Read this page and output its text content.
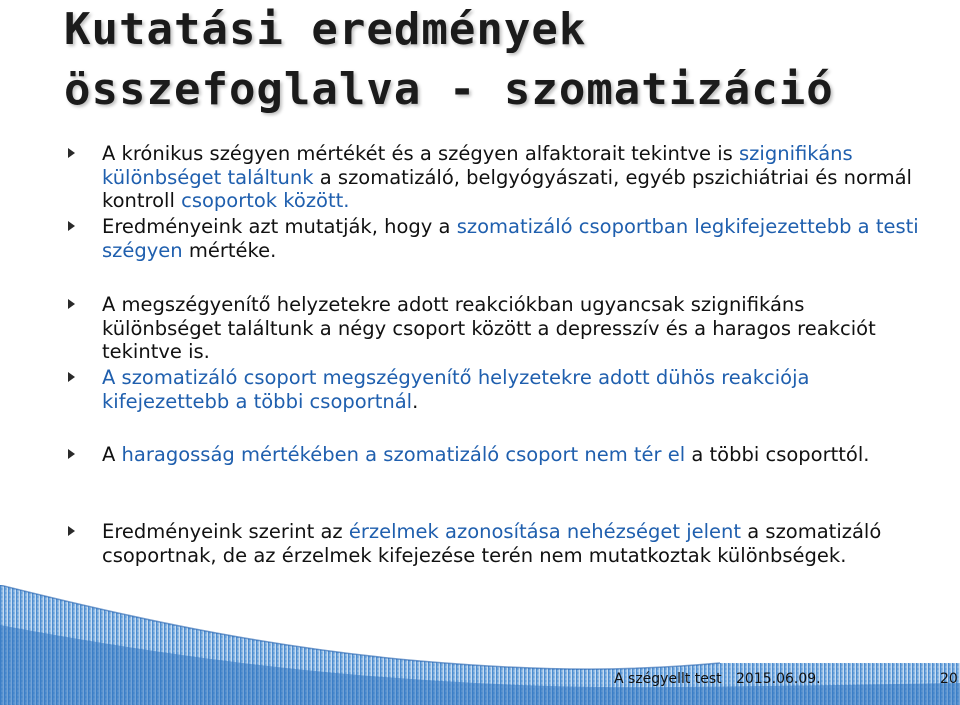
Kutatási eredmények
összefoglalva - szomatizáció
A krónikus szégyen mértékét és a szégyen alfaktorait tekintve is szignifikáns különbséget találtunk a szomatizáló, belgyógyászati, egyéb pszichiátriai és normál kontroll csoportok között.
Eredményeink azt mutatják, hogy a szomatizáló csoportban legkifejezettebb a testi szégyen mértéke.
A megszégyenítő helyzetekre adott reakciókban ugyancsak szignifikáns különbséget találtunk a négy csoport között a depresszív és a haragos reakciót tekintve is.
A szomatizáló csoport megszégyenítő helyzetekre adott dühös reakciója kifejezettebb a többi csoportnál.
A haragosság mértékében a szomatizáló csoport nem tér el a többi csoporttól.
Eredményeink szerint az érzelmek azonosítása nehézséget jelent a szomatizáló csoportnak, de az érzelmek kifejezése terén nem mutatkoztak különbségek.
A szégyellt test 2015.06.09.	20
